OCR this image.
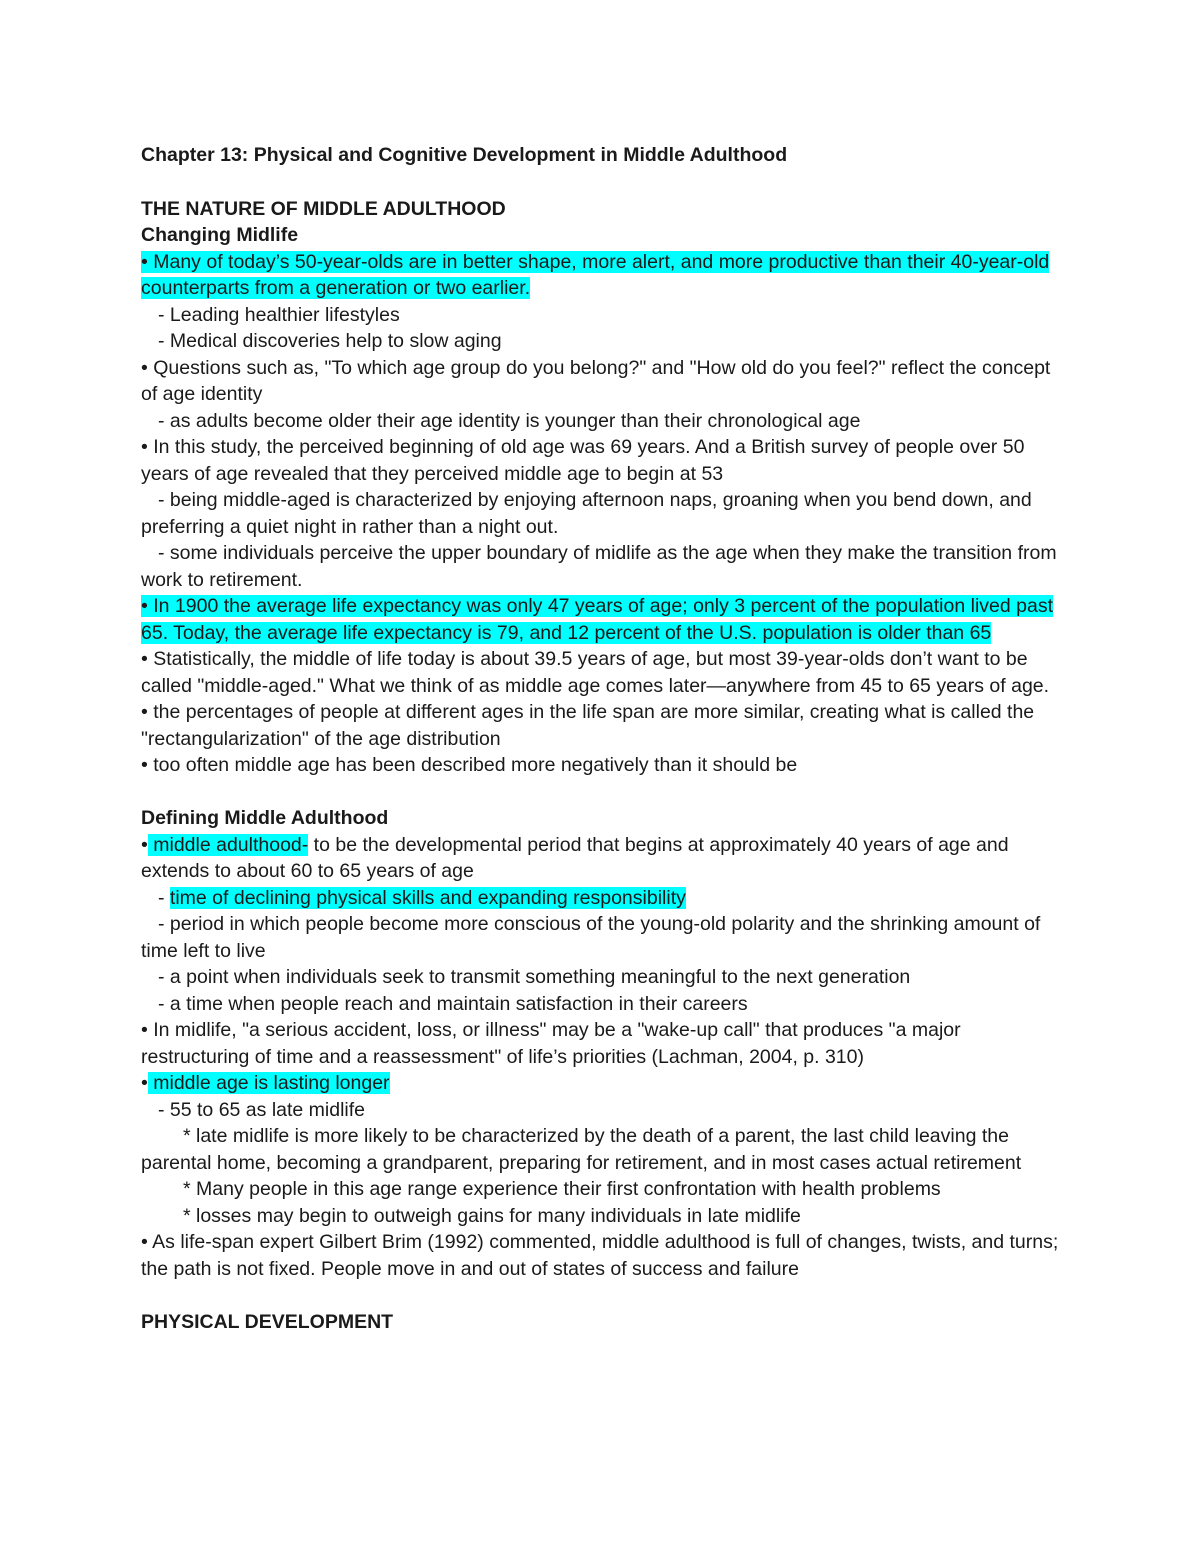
Chapter 13: Physical and Cognitive Development in Middle Adulthood

THE NATURE OF MIDDLE ADULTHOOD

Changing Midlife

• Many of today’s 50-year-olds are in better shape, more alert, and more productive than their 40-year-old counterparts from a generation or two earlier.

- Leading healthier lifestyles

- Medical discoveries help to slow aging

• Questions such as, "To which age group do you belong?" and "How old do you feel?" reflect the concept of age identity

- as adults become older their age identity is younger than their chronological age

• In this study, the perceived beginning of old age was 69 years. And a British survey of people over 50 years of age revealed that they perceived middle age to begin at 53

- being middle-aged is characterized by enjoying afternoon naps, groaning when you bend down, and preferring a quiet night in rather than a night out.

- some individuals perceive the upper boundary of midlife as the age when they make the transition from work to retirement.

• In 1900 the average life expectancy was only 47 years of age; only 3 percent of the population lived past 65. Today, the average life expectancy is 79, and 12 percent of the U.S. population is older than 65

• Statistically, the middle of life today is about 39.5 years of age, but most 39-year-olds don’t want to be called "middle-aged." What we think of as middle age comes later—anywhere from 45 to 65 years of age.

• the percentages of people at different ages in the life span are more similar, creating what is called the "rectangularization" of the age distribution

• too often middle age has been described more negatively than it should be

Defining Middle Adulthood

• middle adulthood- to be the developmental period that begins at approximately 40 years of age and extends to about 60 to 65 years of age

- time of declining physical skills and expanding responsibility

- period in which people become more conscious of the young-old polarity and the shrinking amount of time left to live

- a point when individuals seek to transmit something meaningful to the next generation

- a time when people reach and maintain satisfaction in their careers

• In midlife, "a serious accident, loss, or illness" may be a "wake-up call" that produces "a major restructuring of time and a reassessment" of life’s priorities (Lachman, 2004, p. 310)

• middle age is lasting longer

- 55 to 65 as late midlife

* late midlife is more likely to be characterized by the death of a parent, the last child leaving the parental home, becoming a grandparent, preparing for retirement, and in most cases actual retirement

* Many people in this age range experience their first confrontation with health problems

* losses may begin to outweigh gains for many individuals in late midlife

• As life-span expert Gilbert Brim (1992) commented, middle adulthood is full of changes, twists, and turns; the path is not fixed. People move in and out of states of success and failure

PHYSICAL DEVELOPMENT
